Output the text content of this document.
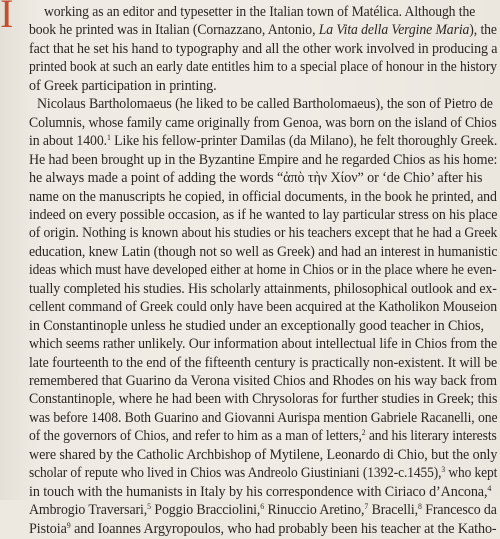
I working as an editor and typesetter in the Italian town of Matélica. Although the
book he printed was in Italian (Cornazzano, Antonio, La Vita della Vergine Maria), the
fact that he set his hand to typography and all the other work involved in producing a
printed book at such an early date entitles him to a special place of honour in the history
of Greek participation in printing.
Nicolaus Bartholomaeus (he liked to be called Bartholomaeus), the son of Pietro de
Columnis, whose family came originally from Genoa, was born on the island of Chios
in about 1400.$^1$ Like his fellow-printer Damilas (da Milano), he felt thoroughly Greek.
He had been brought up in the Byzantine Empire and he regarded Chios as his home:
he always made a point of adding the words “ἀπὸ τὴν Χίον” or ‘de Chio’ after his
name on the manuscripts he copied, in official documents, in the book he printed, and
indeed on every possible occasion, as if he wanted to lay particular stress on his place
of origin. Nothing is known about his studies or his teachers except that he had a Greek
education, knew Latin (though not so well as Greek) and had an interest in humanistic
ideas which must have developed either at home in Chios or in the place where he even-
tually completed his studies. His scholarly attainments, philosophical outlook and ex-
cellent command of Greek could only have been acquired at the Katholikon Mouseion
in Constantinople unless he studied under an exceptionally good teacher in Chios,
which seems rather unlikely. Our information about intellectual life in Chios from the
late fourteenth to the end of the fifteenth century is practically non-existent. It will be
remembered that Guarino da Verona visited Chios and Rhodes on his way back from
Constantinople, where he had been with Chrysoloras for further studies in Greek; this
was before 1408. Both Guarino and Giovanni Aurispa mention Gabriele Racanelli, one
of the governors of Chios, and refer to him as a man of letters,$^2$ and his literary interests
were shared by the Catholic Archbishop of Mytilene, Leonardo di Chio, but the only
scholar of repute who lived in Chios was Andreolo Giustiniani (1392-c.1455),$^3$ who kept
in touch with the humanists in Italy by his correspondence with Ciriaco d’Ancona,$^4$
Ambrogio Traversari,$^5$ Poggio Bracciolini,$^6$ Rinuccio Aretino,$^7$ Bracelli,$^8$ Francesco da
Pistoia$^9$ and Ioannes Argyropoulos, who had probably been his teacher at the Katho-
